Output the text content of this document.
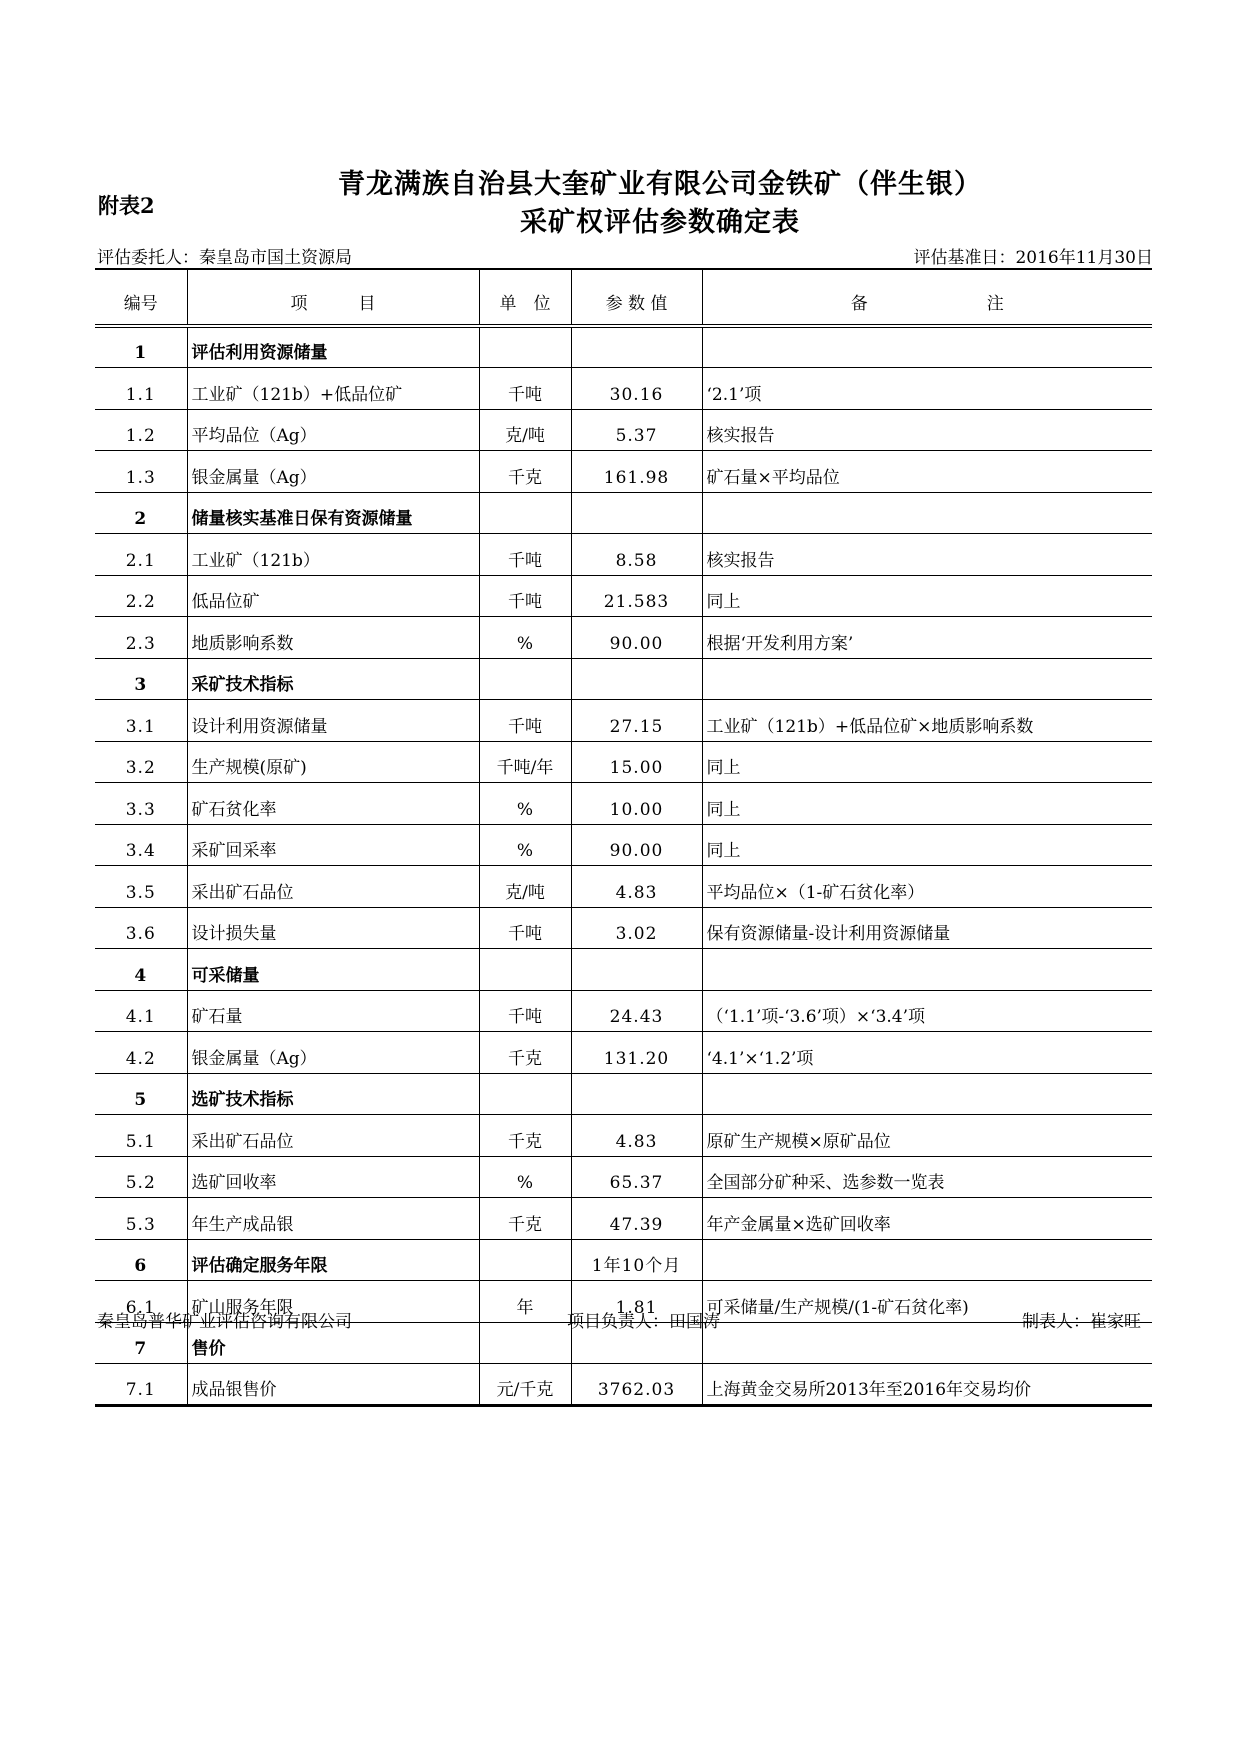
附表2
青龙满族自治县大奎矿业有限公司金铁矿（伴生银）
采矿权评估参数确定表
评估委托人：秦皇岛市国土资源局	评估基准日：2016年11月30日
编号	项　　　目	单　位	参 数 值	备　　　　　　　注
1	评估利用资源储量			
1.1	工业矿（121b）+低品位矿	千吨	30.16	‘2.1’项
1.2	平均品位（Ag）	克/吨	5.37	核实报告
1.3	银金属量（Ag）	千克	161.98	矿石量×平均品位
2	储量核实基准日保有资源储量			
2.1	工业矿（121b）	千吨	8.58	核实报告
2.2	低品位矿	千吨	21.583	同上
2.3	地质影响系数	%	90.00	根据‘开发利用方案’
3	采矿技术指标			
3.1	设计利用资源储量	千吨	27.15	工业矿（121b）+低品位矿×地质影响系数
3.2	生产规模(原矿)	千吨/年	15.00	同上
3.3	矿石贫化率	%	10.00	同上
3.4	采矿回采率	%	90.00	同上
3.5	采出矿石品位	克/吨	4.83	平均品位×（1-矿石贫化率）
3.6	设计损失量	千吨	3.02	保有资源储量-设计利用资源储量
4	可采储量			
4.1	矿石量	千吨	24.43	（‘1.1’项-‘3.6’项）×‘3.4’项
4.2	银金属量（Ag）	千克	131.20	‘4.1’×‘1.2’项
5	选矿技术指标			
5.1	采出矿石品位	千克	4.83	原矿生产规模×原矿品位
5.2	选矿回收率	%	65.37	全国部分矿种采、选参数一览表
5.3	年生产成品银	千克	47.39	年产金属量×选矿回收率
6	评估确定服务年限		1年10个月	
6.1	矿山服务年限	年	1.81	可采储量/生产规模/(1-矿石贫化率)
7	售价			
7.1	成品银售价	元/千克	3762.03	上海黄金交易所2013年至2016年交易均价
秦皇岛普华矿业评估咨询有限公司	项目负责人：田国涛	制表人：崔家旺
